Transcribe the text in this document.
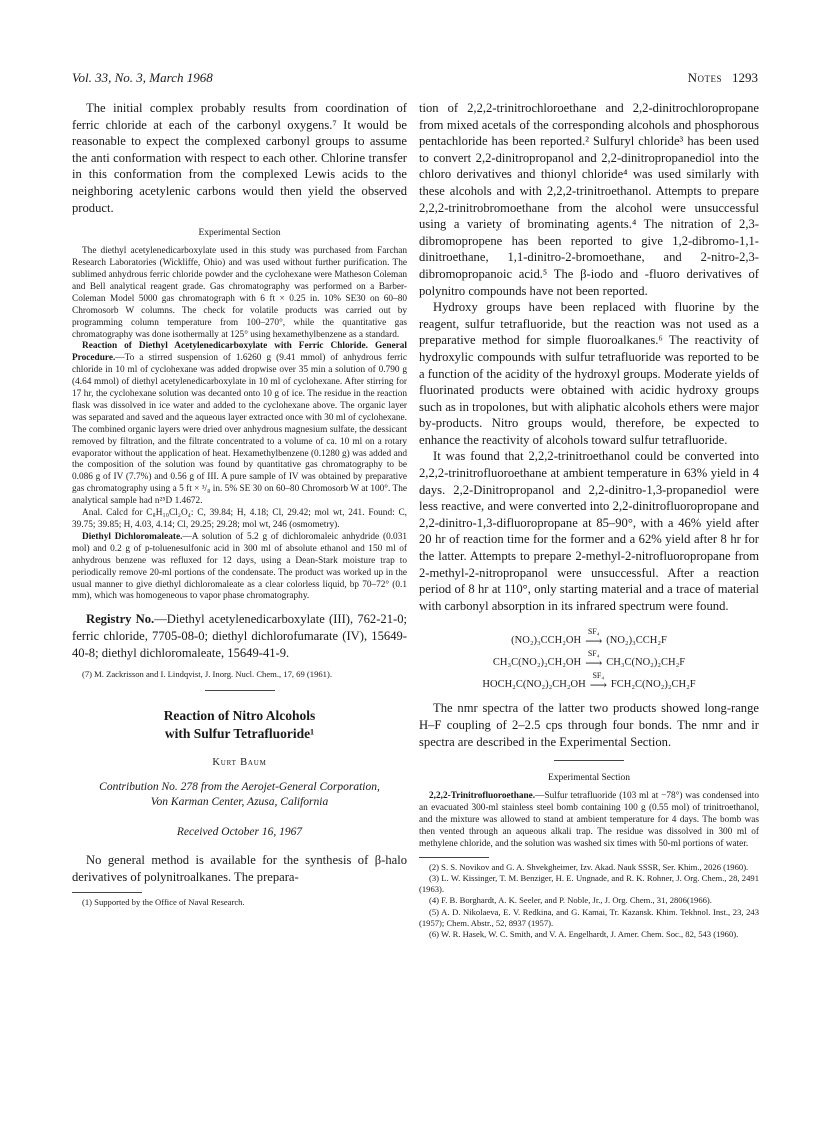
Vol. 33, No. 3, March 1968	Notes 1293

The initial complex probably results from coordination of ferric chloride at each of the carbonyl oxygens.⁷ It would be reasonable to expect the complexed carbonyl groups to assume the anti conformation with respect to each other. Chlorine transfer in this conformation from the complexed Lewis acids to the neighboring acetylenic carbons would then yield the observed product.

Experimental Section

The diethyl acetylenedicarboxylate used in this study was purchased from Farchan Research Laboratories (Wickliffe, Ohio) and was used without further purification. The sublimed anhydrous ferric chloride powder and the cyclohexane were Matheson Coleman and Bell analytical reagent grade. Gas chromatography was performed on a Barber-Coleman Model 5000 gas chromatograph with 6 ft × 0.25 in. 10% SE30 on 60–80 Chromosorb W columns. The check for volatile products was carried out by programming column temperature from 100–270°, while the quantitative gas chromatography was done isothermally at 125° using hexamethylbenzene as a standard.

Reaction of Diethyl Acetylenedicarboxylate with Ferric Chloride. General Procedure.—To a stirred suspension of 1.6260 g (9.41 mmol) of anhydrous ferric chloride in 10 ml of cyclohexane was added dropwise over 35 min a solution of 0.790 g (4.64 mmol) of diethyl acetylenedicarboxylate in 10 ml of cyclohexane. After stirring for 17 hr, the cyclohexane solution was decanted onto 10 g of ice. The residue in the reaction flask was dissolved in ice water and added to the cyclohexane above. The organic layer was separated and saved and the aqueous layer extracted once with 30 ml of cyclohexane. The combined organic layers were dried over anhydrous magnesium sulfate, the dessicant removed by filtration, and the filtrate concentrated to a volume of ca. 10 ml on a rotary evaporator without the application of heat. Hexamethylbenzene (0.1280 g) was added and the composition of the solution was found by quantitative gas chromatography to be 0.086 g of IV (7.7%) and 0.56 g of III. A pure sample of IV was obtained by preparative gas chromatography using a 5 ft × ³/₈ in. 5% SE 30 on 60–80 Chromosorb W at 100°. The analytical sample had n²⁵D 1.4672.

Anal. Calcd for C₈H₁₀Cl₂O₄: C, 39.84; H, 4.18; Cl, 29.42; mol wt, 241. Found: C, 39.75; 39.85; H, 4.03, 4.14; Cl, 29.25; 29.28; mol wt, 246 (osmometry).

Diethyl Dichloromaleate.—A solution of 5.2 g of dichloromaleic anhydride (0.031 mol) and 0.2 g of p-toluenesulfonic acid in 300 ml of absolute ethanol and 150 ml of anhydrous benzene was refluxed for 12 days, using a Dean-Stark moisture trap to periodically remove 20-ml portions of the condensate. The product was worked up in the usual manner to give diethyl dichloromaleate as a clear colorless liquid, bp 70–72° (0.1 mm), which was homogeneous to vapor phase chromatography.

Registry No.—Diethyl acetylenedicarboxylate (III), 762-21-0; ferric chloride, 7705-08-0; diethyl dichlorofumarate (IV), 15649-40-8; diethyl dichloromaleate, 15649-41-9.

(7) M. Zackrisson and I. Lindqvist, J. Inorg. Nucl. Chem., 17, 69 (1961).

Reaction of Nitro Alcohols
with Sulfur Tetrafluoride¹
Kurt Baum
Contribution No. 278 from the Aerojet-General Corporation,
Von Karman Center, Azusa, California
Received October 16, 1967

No general method is available for the synthesis of β-halo derivatives of polynitroalkanes. The prepara-

(1) Supported by the Office of Naval Research.

tion of 2,2,2-trinitrochloroethane and 2,2-dinitrochloropropane from mixed acetals of the corresponding alcohols and phosphorous pentachloride has been reported.² Sulfuryl chloride³ has been used to convert 2,2-dinitropropanol and 2,2-dinitropropanediol into the chloro derivatives and thionyl chloride⁴ was used similarly with these alcohols and with 2,2,2-trinitroethanol. Attempts to prepare 2,2,2-trinitrobromoethane from the alcohol were unsuccessful using a variety of brominating agents.⁴ The nitration of 2,3-dibromopropene has been reported to give 1,2-dibromo-1,1-dinitroethane, 1,1-dinitro-2-bromoethane, and 2-nitro-2,3-dibromopropanoic acid.⁵ The β-iodo and -fluoro derivatives of polynitro compounds have not been reported.

Hydroxy groups have been replaced with fluorine by the reagent, sulfur tetrafluoride, but the reaction was not used as a preparative method for simple fluoroalkanes.⁶ The reactivity of hydroxylic compounds with sulfur tetrafluoride was reported to be a function of the acidity of the hydroxyl groups. Moderate yields of fluorinated products were obtained with acidic hydroxy groups such as in tropolones, but with aliphatic alcohols ethers were major by-products. Nitro groups would, therefore, be expected to enhance the reactivity of alcohols toward sulfur tetrafluoride.

It was found that 2,2,2-trinitroethanol could be converted into 2,2,2-trinitrofluoroethane at ambient temperature in 63% yield in 4 days. 2,2-Dinitropropanol and 2,2-dinitro-1,3-propanediol were less reactive, and were converted into 2,2-dinitrofluoropropane and 2,2-dinitro-1,3-difluoropropane at 85–90°, with a 46% yield after 20 hr of reaction time for the former and a 62% yield after 8 hr for the latter. Attempts to prepare 2-methyl-2-nitrofluoropropane from 2-methyl-2-nitropropanol were unsuccessful. After a reaction period of 8 hr at 110°, only starting material and a trace of material with carbonyl absorption in its infrared spectrum were found.

(NO₂)₃CCH₂OH
SF₄
⟶ (NO₂)₃CCH₂F
CH₃C(NO₂)₂CH₂OH
SF₄
⟶ CH₃C(NO₂)₂CH₂F
HOCH₂C(NO₂)₂CH₂OH
SF₄
⟶ FCH₂C(NO₂)₂CH₂F

The nmr spectra of the latter two products showed long-range H–F coupling of 2–2.5 cps through four bonds. The nmr and ir spectra are described in the Experimental Section.

Experimental Section

2,2,2-Trinitrofluoroethane.—Sulfur tetrafluoride (103 ml at −78°) was condensed into an evacuated 300-ml stainless steel bomb containing 100 g (0.55 mol) of trinitroethanol, and the mixture was allowed to stand at ambient temperature for 4 days. The bomb was then vented through an aqueous alkali trap. The residue was dissolved in 300 ml of methylene chloride, and the solution was washed six times with 50-ml portions of water.

(2) S. S. Novikov and G. A. Shvekgheimer, Izv. Akad. Nauk SSSR, Ser. Khim., 2026 (1960).

(3) L. W. Kissinger, T. M. Benziger, H. E. Ungnade, and R. K. Rohner, J. Org. Chem., 28, 2491 (1963).

(4) F. B. Borghardt, A. K. Seeler, and P. Noble, Jr., J. Org. Chem., 31, 2806(1966).

(5) A. D. Nikolaeva, E. V. Redkina, and G. Kamai, Tr. Kazansk. Khim. Tekhnol. Inst., 23, 243 (1957); Chem. Abstr., 52, 8937 (1957).

(6) W. R. Hasek, W. C. Smith, and V. A. Engelhardt, J. Amer. Chem. Soc., 82, 543 (1960).
